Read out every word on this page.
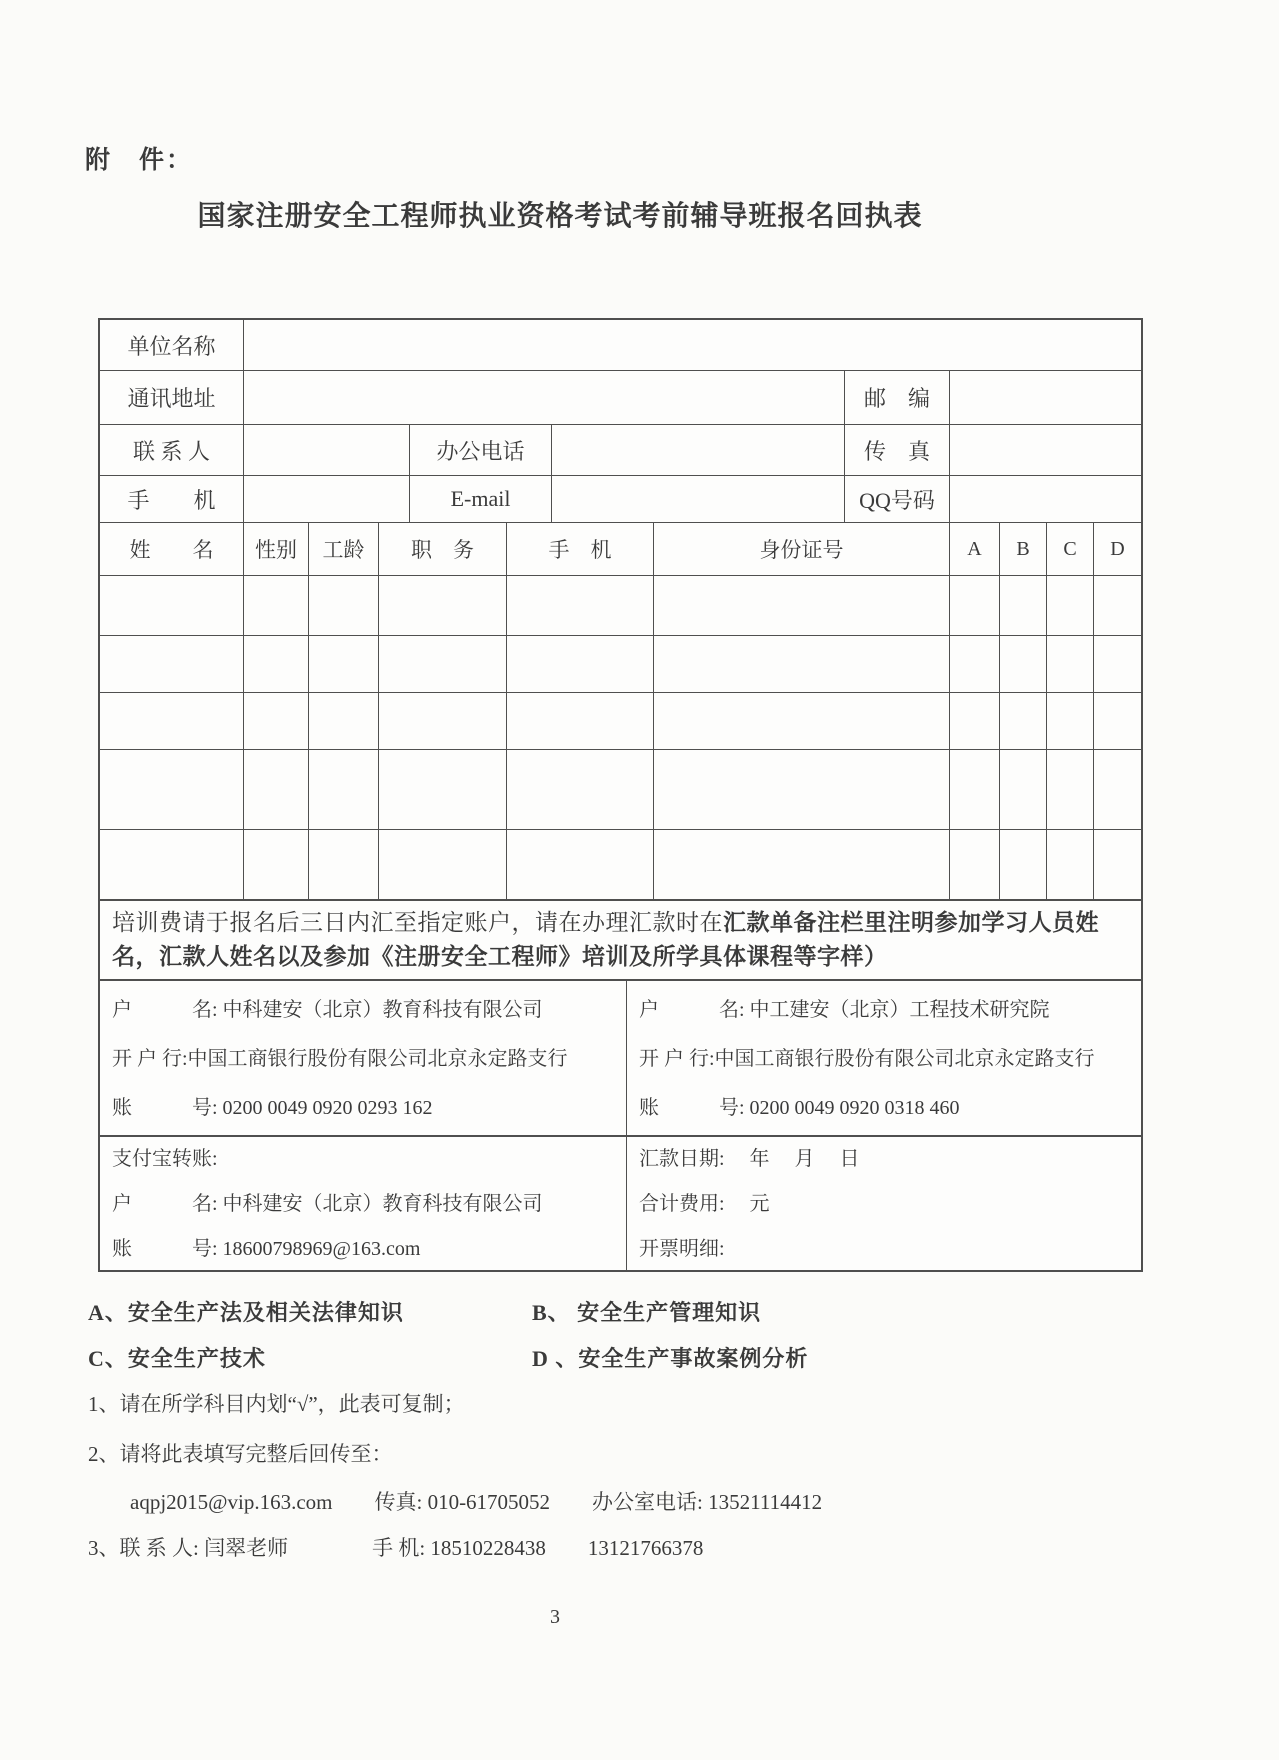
附　件：
国家注册安全工程师执业资格考试考前辅导班报名回执表
单位名称
通讯地址	邮　编
联 系 人	办公电话	传　真
手　　机	E-mail	QQ号码
姓　　名	性别	工龄	职　务	手　机	身份证号	A	B	C	D
培训费请于报名后三日内汇至指定账户，请在办理汇款时在汇款单备注栏里注明参加学习人员姓名，汇款人姓名以及参加《注册安全工程师》培训及所学具体课程等字样）
户　　　名: 中科建安（北京）教育科技有限公司
开 户 行:中国工商银行股份有限公司北京永定路支行
账　　　号: 0200 0049 0920 0293 162
户　　　名: 中工建安（北京）工程技术研究院
开 户 行:中国工商银行股份有限公司北京永定路支行
账　　　号: 0200 0049 0920 0318 460
支付宝转账:
户　　　名: 中科建安（北京）教育科技有限公司
账　　　号: 18600798969@163.com
汇款日期:　 年　 月　 日
合计费用:　 元
开票明细:
A、安全生产法及相关法律知识	B、 安全生产管理知识
C、安全生产技术	D 、安全生产事故案例分析
1、请在所学科目内划“√”，此表可复制；
2、请将此表填写完整后回传至：
aqpj2015@vip.163.com　　传真: 010-61705052　　办公室电话: 13521114412
3、联 系 人: 闫翠老师　　　　手 机: 18510228438　　13121766378
3
